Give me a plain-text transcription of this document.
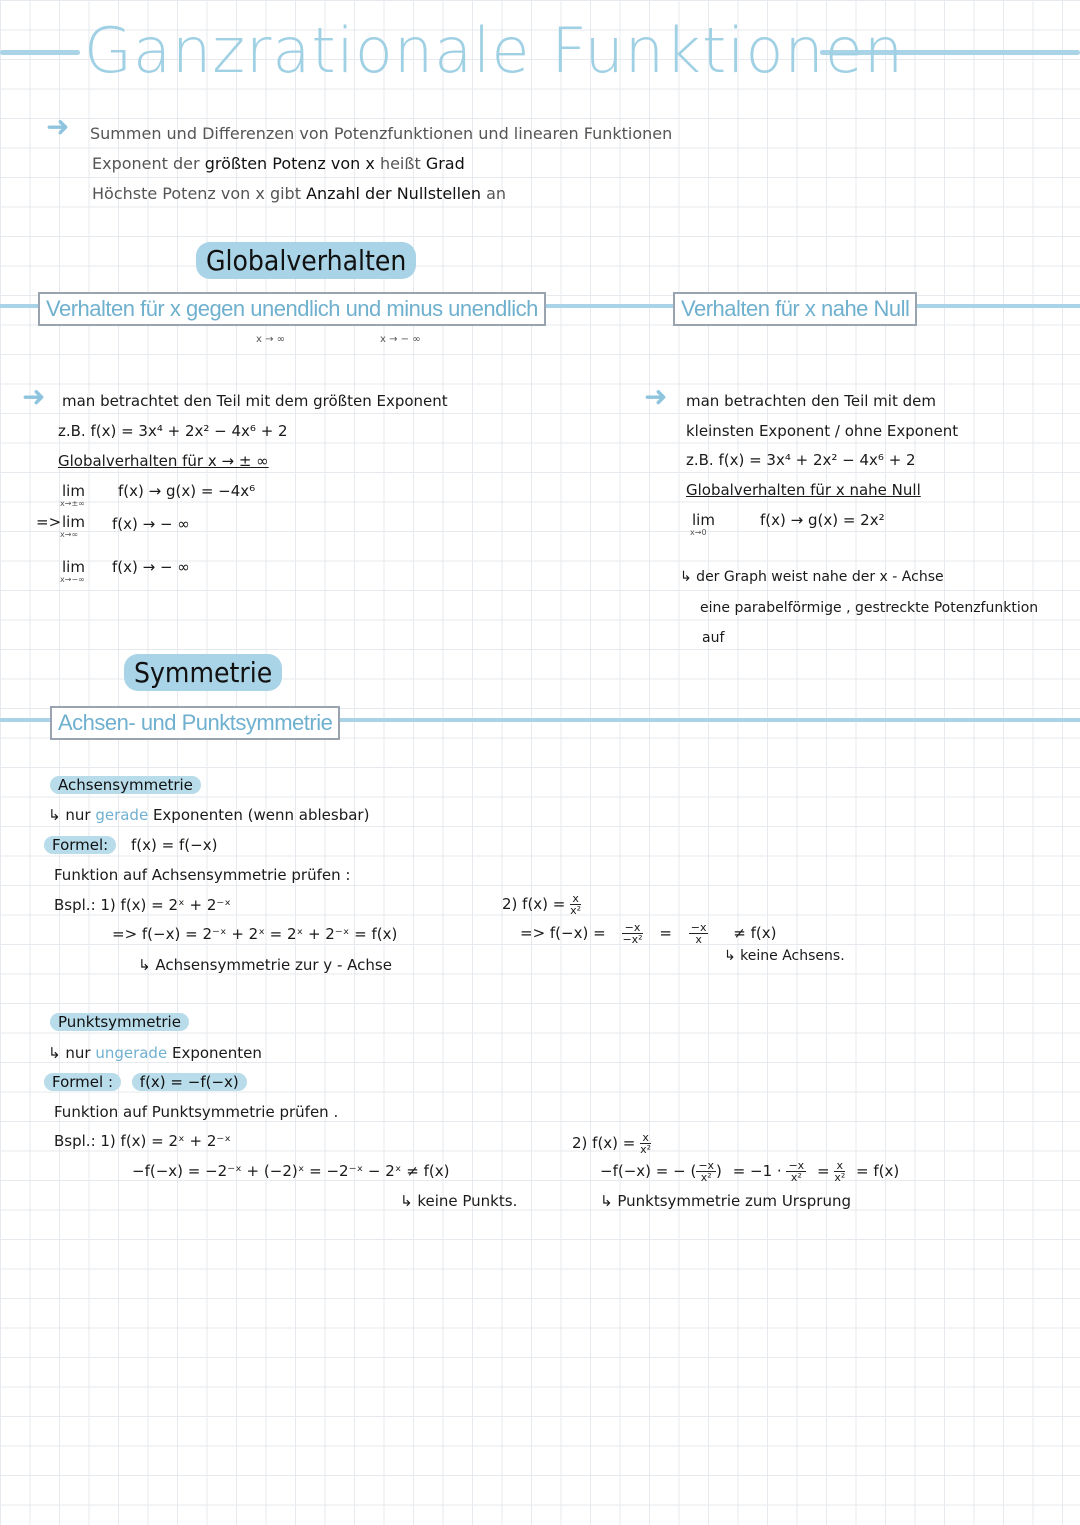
Ganzrationale Funktionen
➜ Summen und Differenzen von Potenzfunktionen und linearen Funktionen
Exponent der größten Potenz von x heißt Grad
Höchste Potenz von x gibt Anzahl der Nullstellen an
Globalverhalten
Verhalten für x gegen unendlich und minus unendlich	Verhalten für x nahe Null
x → ∞	x → − ∞
➜ man betrachtet den Teil mit dem größten Exponent
z.B. f(x) = 3x⁴ + 2x² − 4x⁶ + 2
Globalverhalten für x → ± ∞
lim
x→±∞
f(x) → g(x) = −4x⁶
=> lim
x→∞
f(x) → − ∞
lim
x→−∞
f(x) → − ∞
➜ man betrachten den Teil mit dem
kleinsten Exponent / ohne Exponent
z.B. f(x) = 3x⁴ + 2x² − 4x⁶ + 2
Globalverhalten für x nahe Null
lim
x→0
f(x) → g(x) = 2x²
↳ der Graph weist nahe der x - Achse
eine parabelförmige , gestreckte Potenzfunktion
auf
Symmetrie
Achsen- und Punktsymmetrie
Achsensymmetrie
↳ nur gerade Exponenten (wenn ablesbar)
Formel: f(x) = f(−x)
Funktion auf Achsensymmetrie prüfen :
Bspl.: 1) f(x) = 2ˣ + 2⁻ˣ
=> f(−x) = 2⁻ˣ + 2ˣ = 2ˣ + 2⁻ˣ = f(x)
↳ Achsensymmetrie zur y - Achse
2) $f(x) = \frac{x}{\text{x²}}$
=> $f(-x) = \frac{-x}{\text{−x²}} = \frac{-x}{x} \ne f(x)$
↳ keine Achsens.
Punktsymmetrie
↳ nur ungerade Exponenten
Formel : f(x) = −f(−x)
Funktion auf Punktsymmetrie prüfen .
Bspl.: 1) f(x) = 2ˣ + 2⁻ˣ
−f(−x) = −2⁻ˣ + (−2)ˣ = −2⁻ˣ − 2ˣ ≠ f(x)
↳ keine Punkts.
2) $f(x) = \frac{x}{\text{x²}}$
−f(−x) = − ( $\frac{-x}{\text{x²}}$ ) = $-1 \cdot \frac{-x}{\text{x²}} = \frac{x}{\text{x²}} = f(x)$
↳ Punktsymmetrie zum Ursprung
